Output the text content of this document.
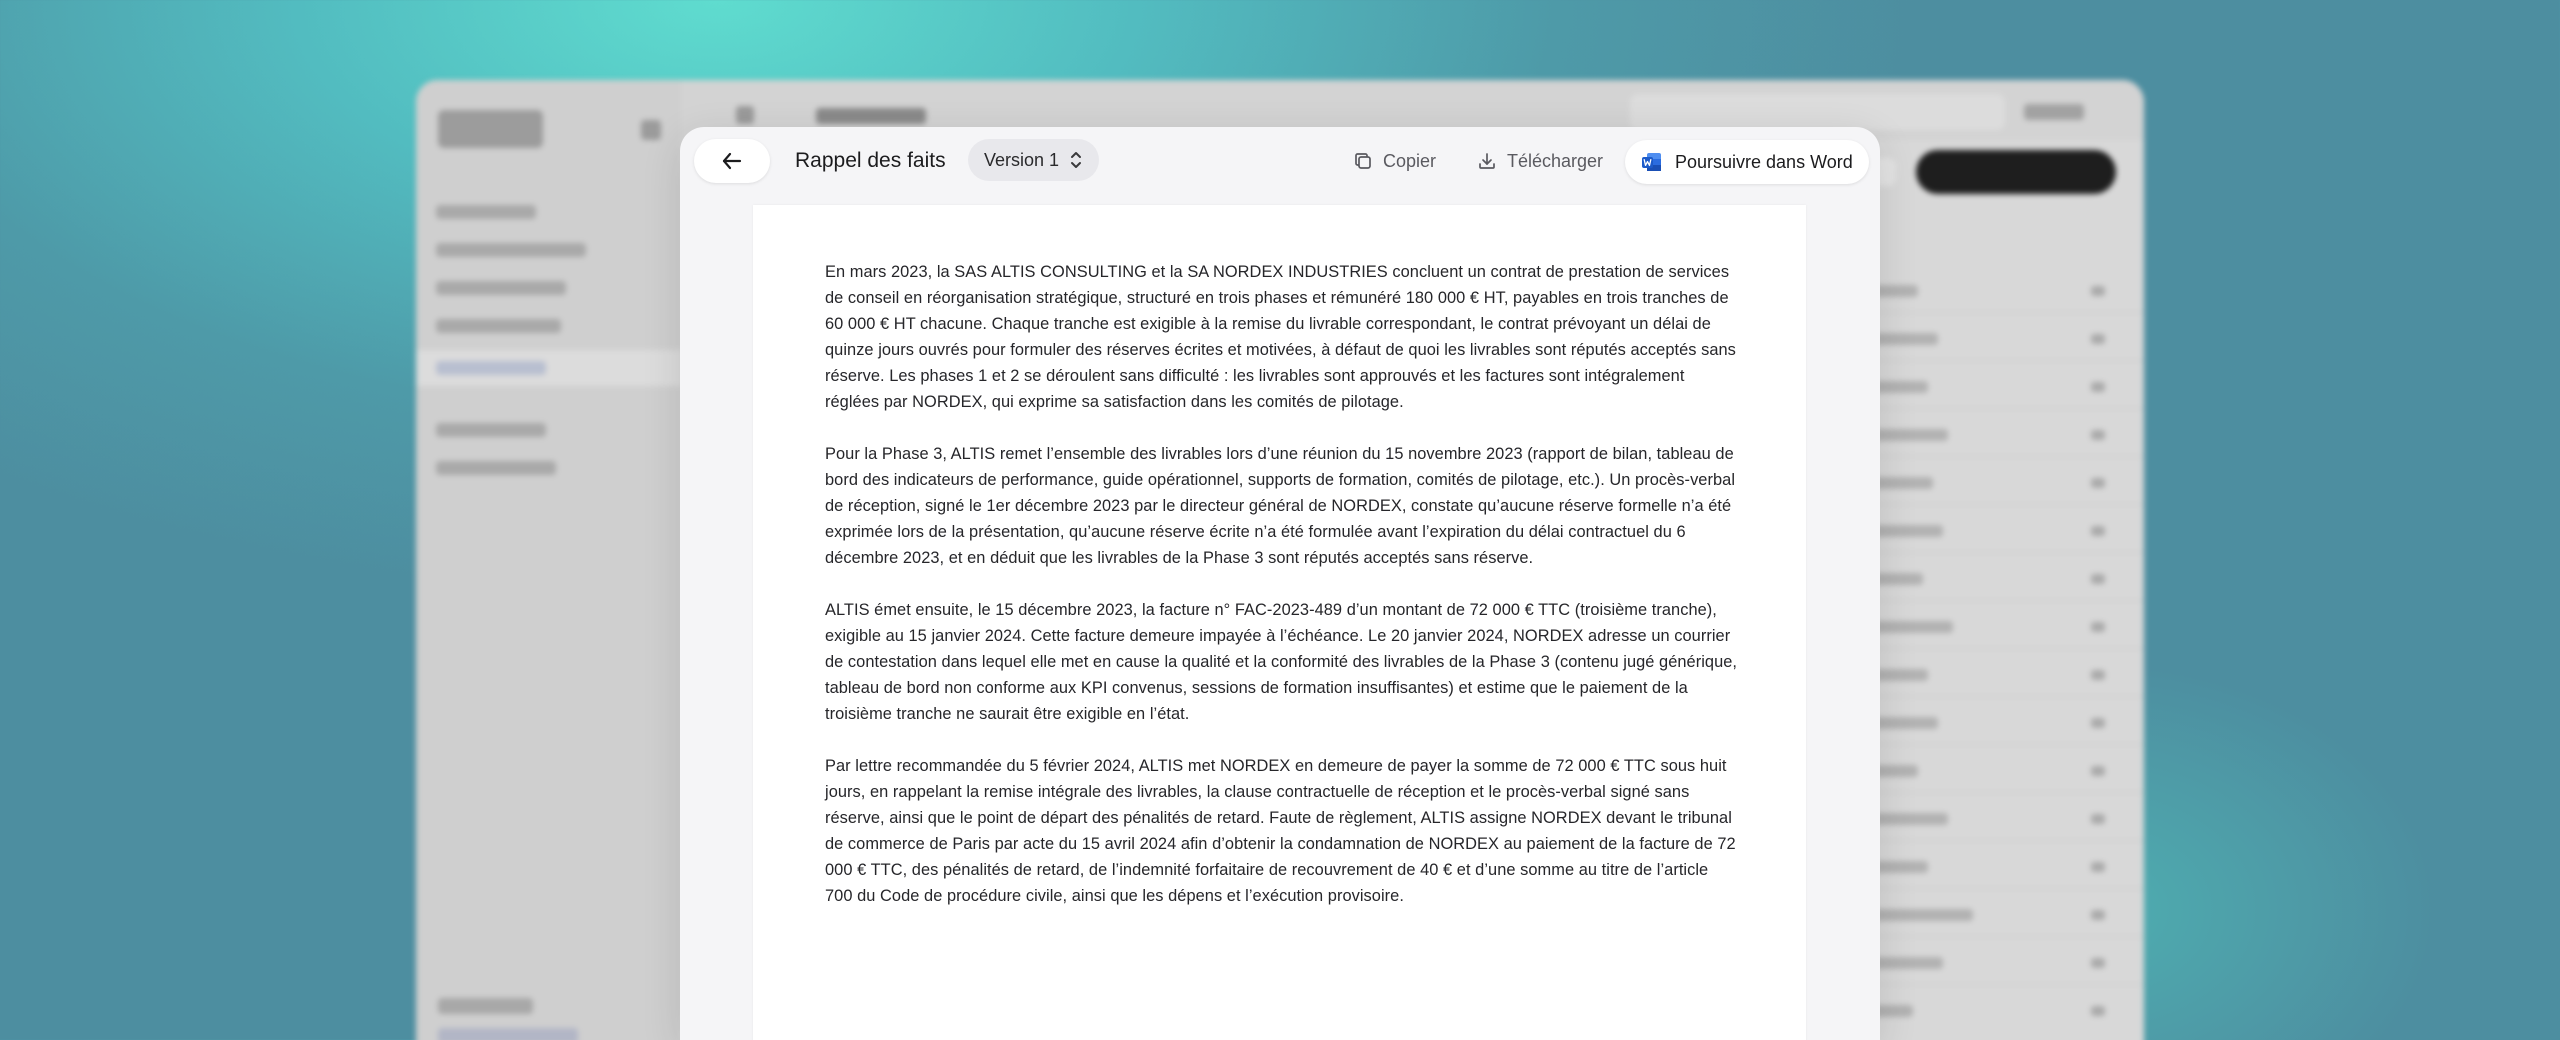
Rappel des faits Version 1	Copier	Télécharger	Poursuivre dans Word

En mars 2023, la SAS ALTIS CONSULTING et la SA NORDEX INDUSTRIES concluent un contrat de prestation de services de conseil en réorganisation stratégique, structuré en trois phases et rémunéré 180 000 € HT, payables en trois tranches de 60 000 € HT chacune. Chaque tranche est exigible à la remise du livrable correspondant, le contrat prévoyant un délai de quinze jours ouvrés pour formuler des réserves écrites et motivées, à défaut de quoi les livrables sont réputés acceptés sans réserve. Les phases 1 et 2 se déroulent sans difficulté : les livrables sont approuvés et les factures sont intégralement réglées par NORDEX, qui exprime sa satisfaction dans les comités de pilotage.

Pour la Phase 3, ALTIS remet l’ensemble des livrables lors d’une réunion du 15 novembre 2023 (rapport de bilan, tableau de bord des indicateurs de performance, guide opérationnel, supports de formation, comités de pilotage, etc.). Un procès-verbal de réception, signé le 1er décembre 2023 par le directeur général de NORDEX, constate qu’aucune réserve formelle n’a été exprimée lors de la présentation, qu’aucune réserve écrite n’a été formulée avant l’expiration du délai contractuel du 6 décembre 2023, et en déduit que les livrables de la Phase 3 sont réputés acceptés sans réserve.

ALTIS émet ensuite, le 15 décembre 2023, la facture n° FAC-2023-489 d’un montant de 72 000 € TTC (troisième tranche), exigible au 15 janvier 2024. Cette facture demeure impayée à l’échéance. Le 20 janvier 2024, NORDEX adresse un courrier de contestation dans lequel elle met en cause la qualité et la conformité des livrables de la Phase 3 (contenu jugé générique, tableau de bord non conforme aux KPI convenus, sessions de formation insuffisantes) et estime que le paiement de la troisième tranche ne saurait être exigible en l’état.

Par lettre recommandée du 5 février 2024, ALTIS met NORDEX en demeure de payer la somme de 72 000 € TTC sous huit jours, en rappelant la remise intégrale des livrables, la clause contractuelle de réception et le procès-verbal signé sans réserve, ainsi que le point de départ des pénalités de retard. Faute de règlement, ALTIS assigne NORDEX devant le tribunal de commerce de Paris par acte du 15 avril 2024 afin d’obtenir la condamnation de NORDEX au paiement de la facture de 72 000 € TTC, des pénalités de retard, de l’indemnité forfaitaire de recouvrement de 40 € et d’une somme au titre de l’article 700 du Code de procédure civile, ainsi que les dépens et l’exécution provisoire.
